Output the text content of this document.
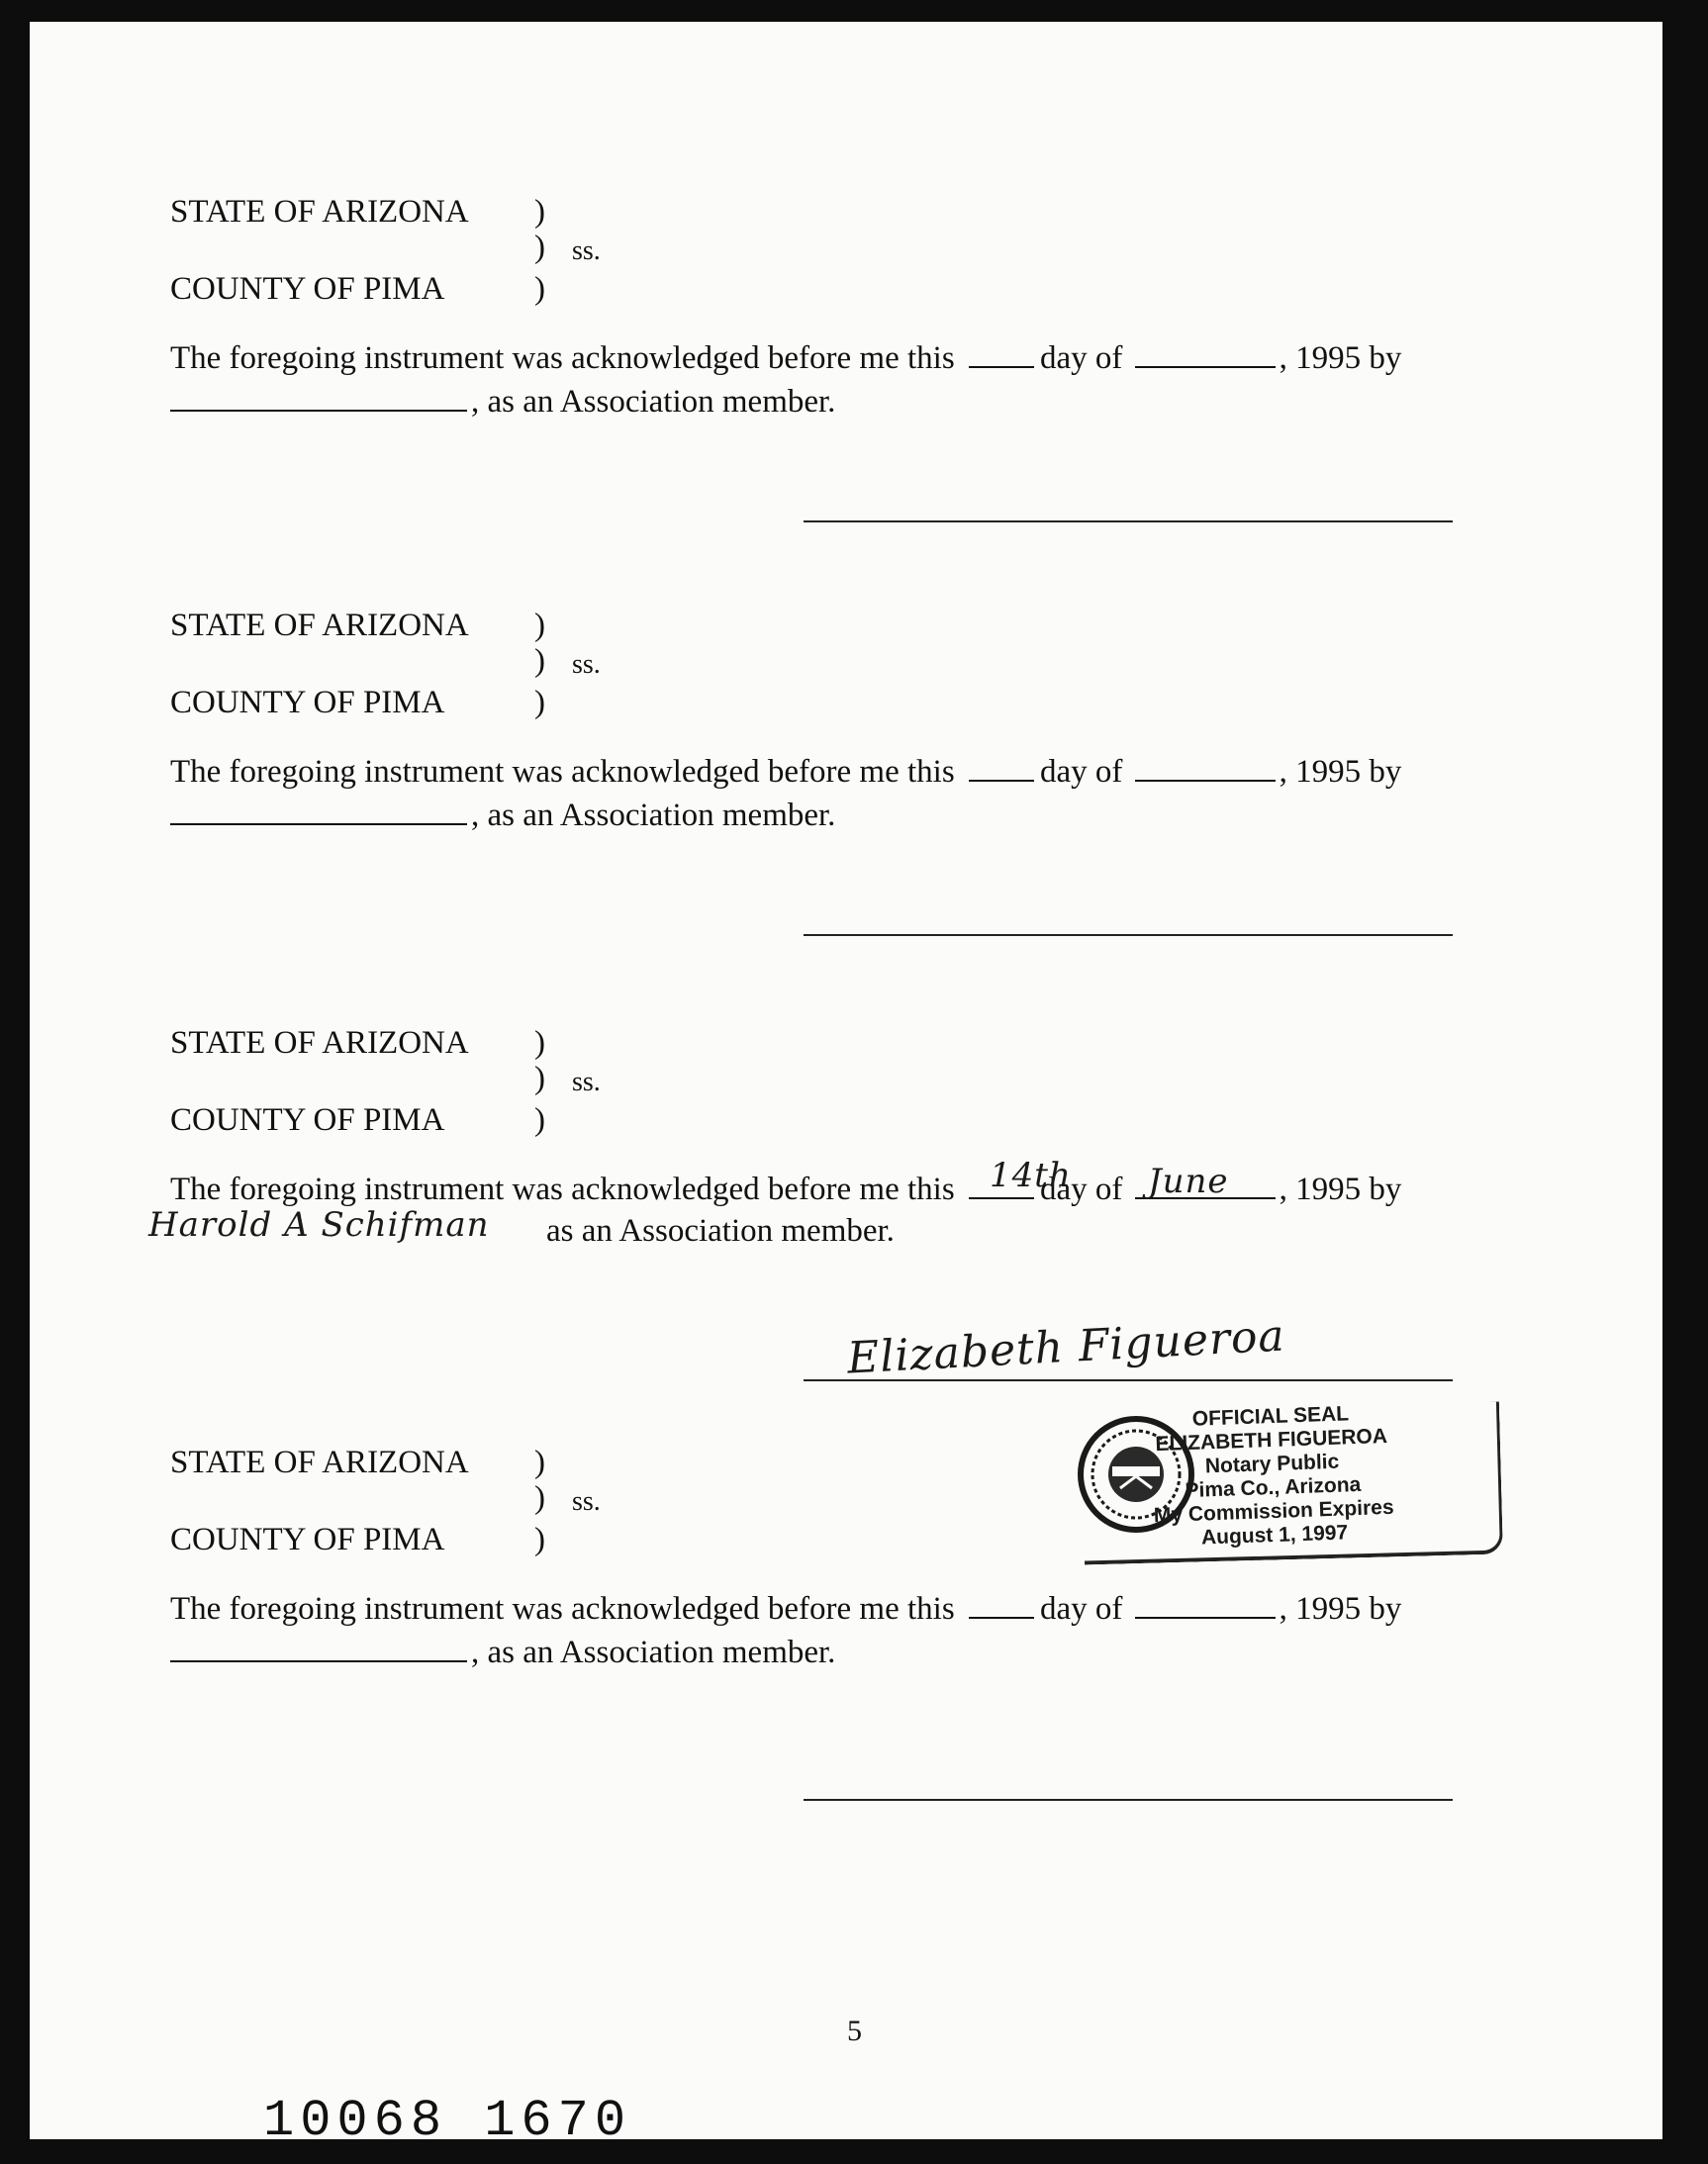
STATE OF ARIZONA )
) ss.
)
COUNTY OF PIMA
The foregoing instrument was acknowledged before me this	day of	, 1995 by
, as an Association member.
STATE OF ARIZONA )
) ss.
)
COUNTY OF PIMA
The foregoing instrument was acknowledged before me this	day of	, 1995 by
, as an Association member.
STATE OF ARIZONA )
) ss.
)
COUNTY OF PIMA
The foregoing instrument was acknowledged before me this	day of	, 1995 by
14th June
as an Association member.
Harold A Schifman
Elizabeth Figueroa
OFFICIAL SEAL
ELIZABETH FIGUEROA
Notary Public
Pima Co., Arizona
My Commission Expires
August 1, 1997
STATE OF ARIZONA )
) ss.
)
COUNTY OF PIMA
The foregoing instrument was acknowledged before me this	day of	, 1995 by
, as an Association member.
5
10068 1670
